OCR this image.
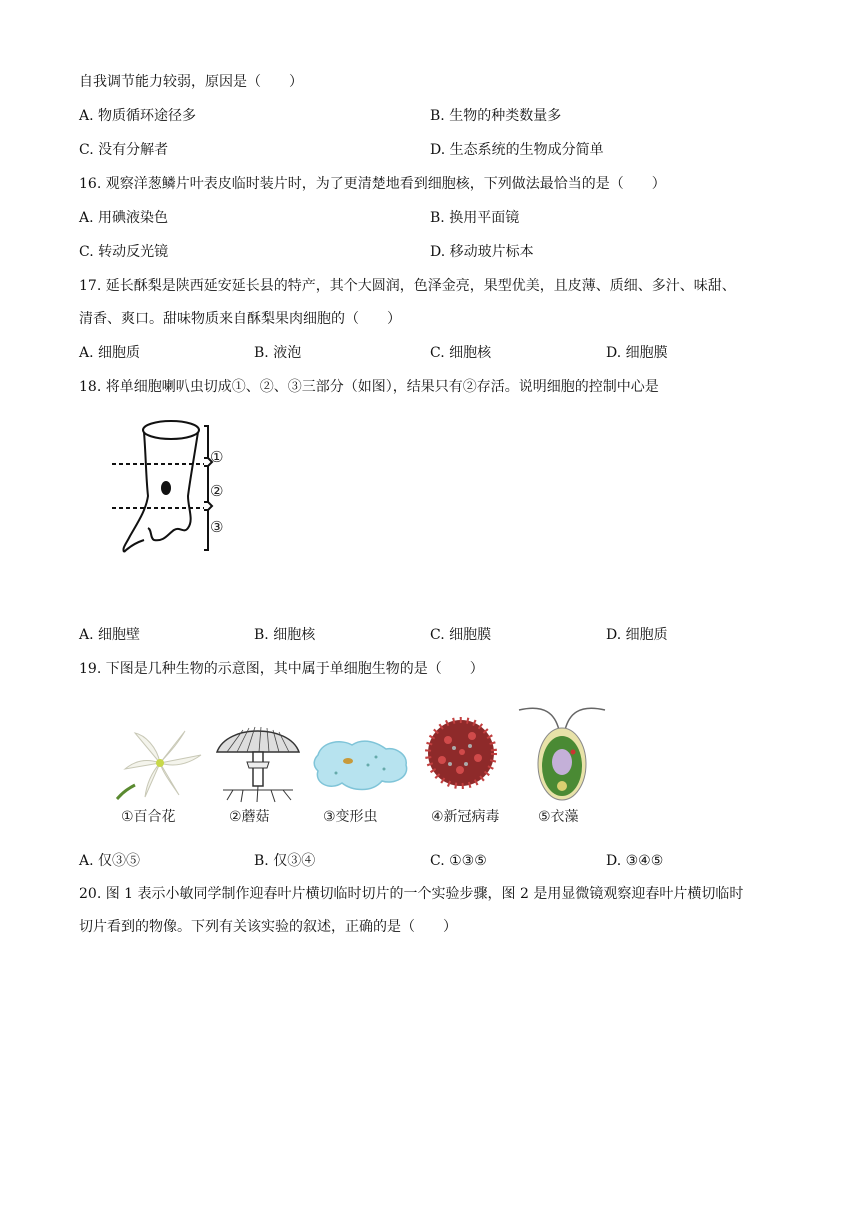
自我调节能力较弱，原因是（　　）
A. 物质循环途径多	B. 生物的种类数量多
C. 没有分解者	D. 生态系统的生物成分简单
16. 观察洋葱鳞片叶表皮临时装片时，为了更清楚地看到细胞核，下列做法最恰当的是（　　）
A. 用碘液染色	B. 换用平面镜
C. 转动反光镜	D. 移动玻片标本
17. 延长酥梨是陕西延安延长县的特产，其个大圆润，色泽金亮，果型优美，且皮薄、质细、多汁、味甜、
清香、爽口。甜味物质来自酥梨果肉细胞的（　　）
A. 细胞质	B. 液泡	C. 细胞核	D. 细胞膜
18. 将单细胞喇叭虫切成①、②、③三部分（如图），结果只有②存活。说明细胞的控制中心是
①
②
③
A. 细胞壁	B. 细胞核	C. 细胞膜	D. 细胞质
19. 下图是几种生物的示意图，其中属于单细胞生物的是（　　）
①百合花	②蘑菇	③变形虫	④新冠病毒	⑤衣藻
A. 仅③⑤	B. 仅③④	C. ①③⑤	D. ③④⑤
20. 图 1 表示小敏同学制作迎春叶片横切临时切片的一个实验步骤，图 2 是用显微镜观察迎春叶片横切临时
切片看到的物像。下列有关该实验的叙述，正确的是（　　）
